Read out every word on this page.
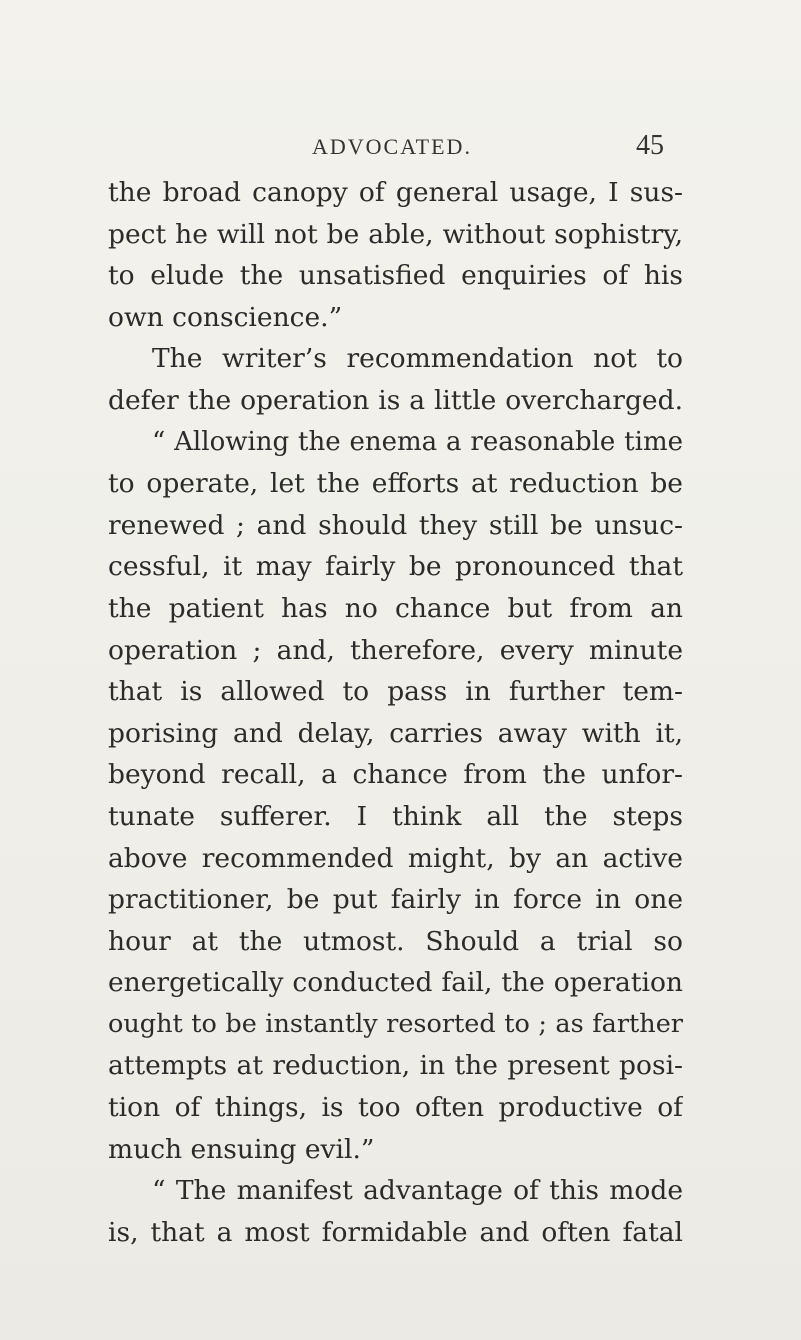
ADVOCATED.	45
the broad canopy of general usage, I sus-
pect he will not be able, without sophistry,
to elude the unsatisfied enquiries of his
own conscience.”
The writer’s recommendation not to
defer the operation is a little overcharged.
“ Allowing the enema a reasonable time
to operate, let the efforts at reduction be
renewed ; and should they still be unsuc-
cessful, it may fairly be pronounced that
the patient has no chance but from an
operation ; and, therefore, every minute
that is allowed to pass in further tem-
porising and delay, carries away with it,
beyond recall, a chance from the unfor-
tunate sufferer. I think all the steps
above recommended might, by an active
practitioner, be put fairly in force in one
hour at the utmost. Should a trial so
energetically conducted fail, the operation
ought to be instantly resorted to ; as farther
attempts at reduction, in the present posi-
tion of things, is too often productive of
much ensuing evil.”
“ The manifest advantage of this mode
is, that a most formidable and often fatal
